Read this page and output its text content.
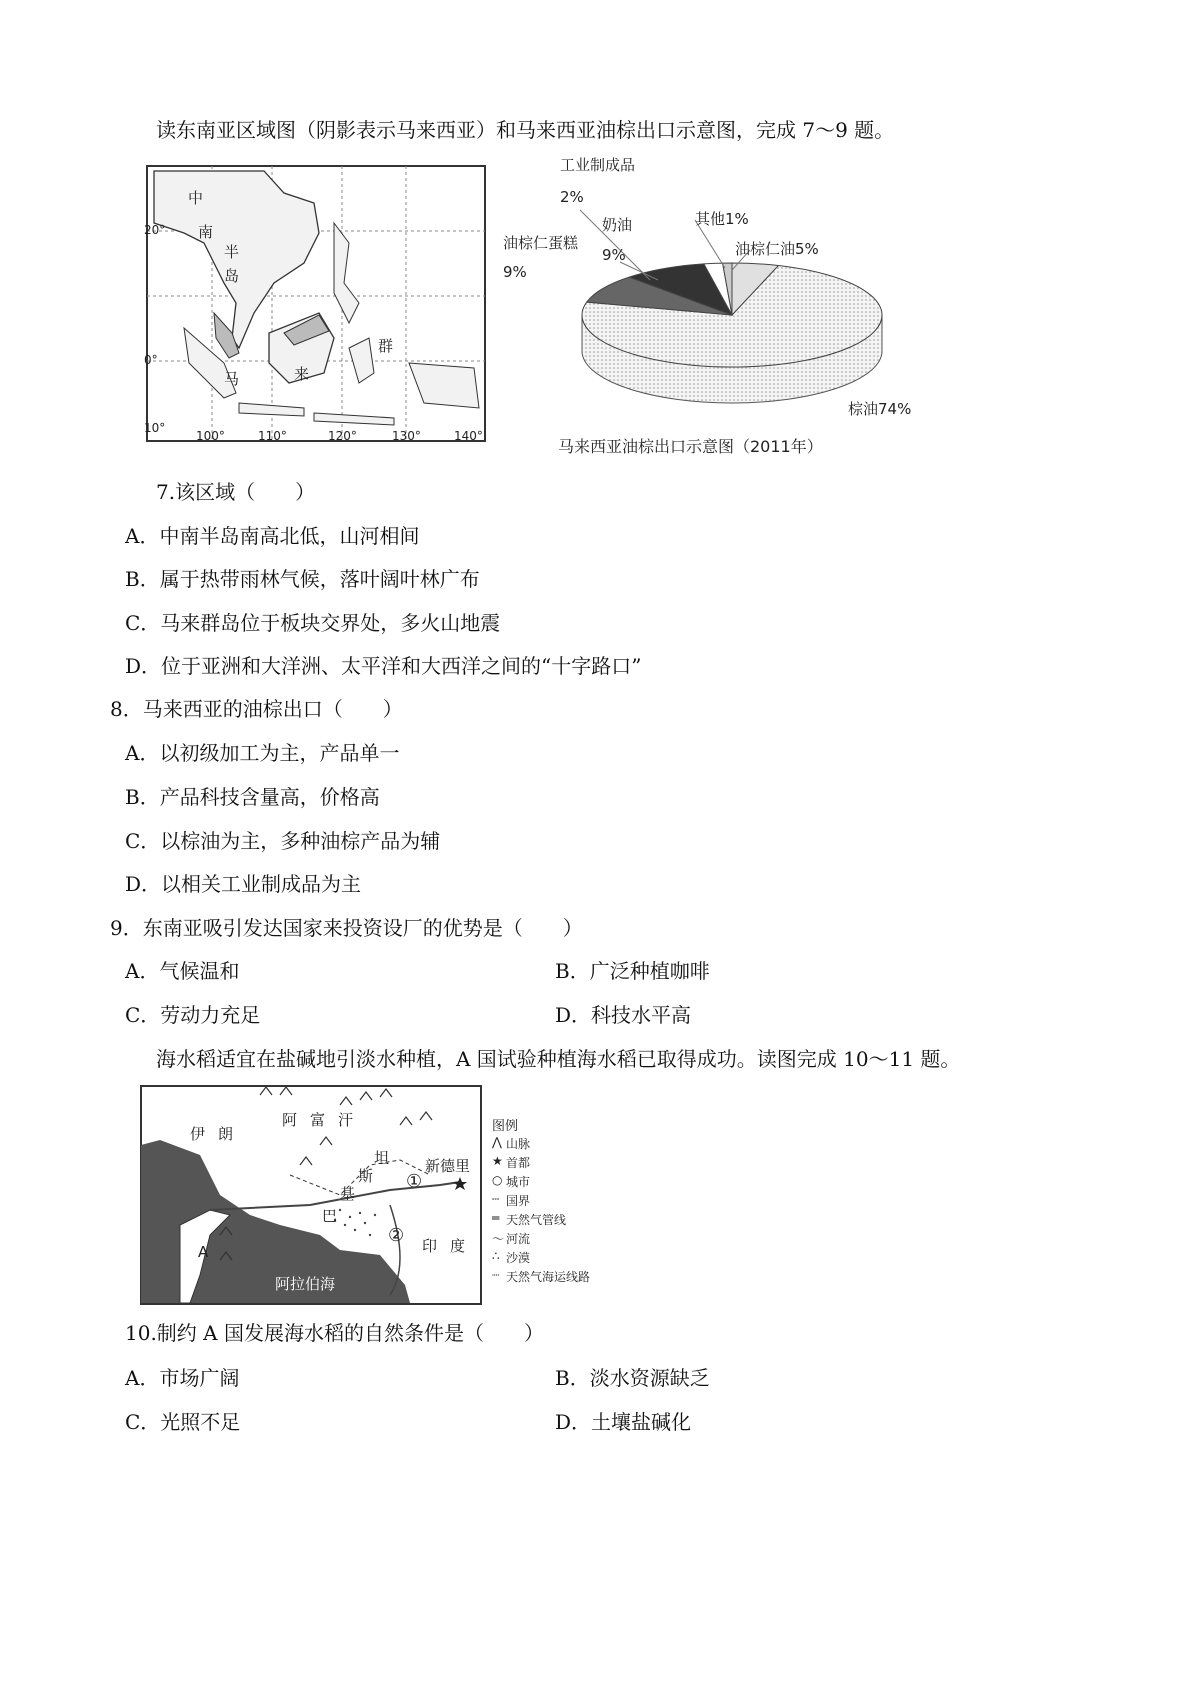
读东南亚区域图（阴影表示马来西亚）和马来西亚油棕出口示意图，完成 7～9 题。
中
南
半
岛
马	来
群
20°
0°
10°
100°	110°	120°	130°	140°
工业制成品
2%
奶油
9%
其他1%
油棕仁油5%
油棕仁蛋糕
9%
棕油74%
马来西亚油棕出口示意图（2011年）
7.该区域（　　）
A．中南半岛南高北低，山河相间
B．属于热带雨林气候，落叶阔叶林广布
C．马来群岛位于板块交界处，多火山地震
D．位于亚洲和大洋洲、太平洋和大西洋之间的“十字路口”
8．马来西亚的油棕出口（　　）
A．以初级加工为主，产品单一
B．产品科技含量高，价格高
C．以棕油为主，多种油棕产品为辅
D．以相关工业制成品为主
9．东南亚吸引发达国家来投资设厂的优势是（　　）
A．气候温和	B．广泛种植咖啡
C．劳动力充足	D．科技水平高
海水稻适宜在盐碱地引淡水种植，A 国试验种植海水稻已取得成功。读图完成 10～11 题。
伊 朗
阿 富 汗
新德里
巴
基
斯
坦
印 度
阿拉伯海
A
①
②
图例
⋀ 山脉
★ 首都
○ 城市
┄ 国界
═ 天然气管线
〜 河流
∴ 沙漠
┈ 天然气海运线路
10.制约 A 国发展海水稻的自然条件是（　　）
A．市场广阔	B．淡水资源缺乏
C．光照不足	D．土壤盐碱化
